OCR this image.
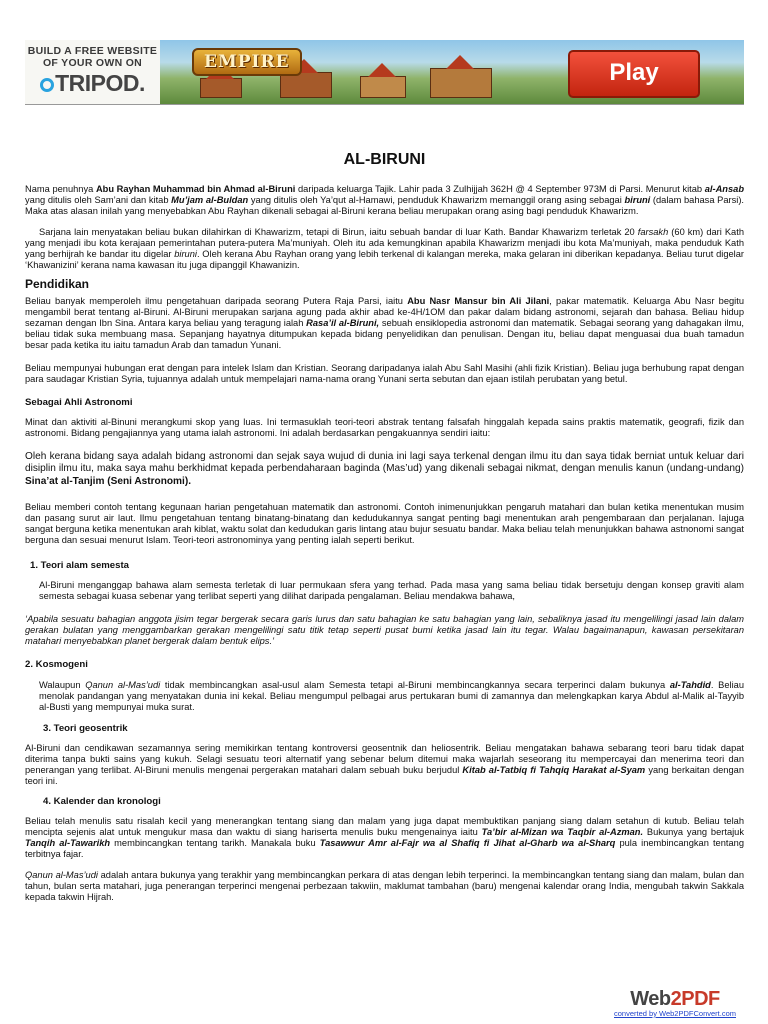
BUILD A FREE WEBSITE
OF YOUR OWN ON
TRIPOD.
EMPIRE	Play
AL-BIRUNI

Nama penuhnya Abu Rayhan Muhammad bin Ahmad al-Biruni daripada keluarga Tajik. Lahir pada 3 Zulhijjah 362H @ 4 September 973M di Parsi. Menurut kitab al-Ansab yang ditulis oleh Sam’ani dan kitab Mu’jam al-Buldan yang ditulis oleh Ya’qut al-Hamawi, penduduk Khawarizm memanggil orang asing sebagai biruni (dalam bahasa Parsi). Maka atas alasan inilah yang menyebabkan Abu Rayhan dikenali sebagai al-Biruni kerana beliau merupakan orang asing bagi penduduk Khawarizm.

Sarjana lain menyatakan beliau bukan dilahirkan di Khawarizm, tetapi di Birun, iaitu sebuah bandar di luar Kath. Bandar Khawarizm terletak 20 farsakh (60 km) dari Kath yang menjadi ibu kota kerajaan pemerintahan putera-putera Ma’muniyah. Oleh itu ada kemungkinan apabila Khawarizm menjadi ibu kota Ma’muniyah, maka penduduk Kath yang berhijrah ke bandar itu digelar biruni. Oleh kerana Abu Rayhan orang yang lebih terkenal di kalangan mereka, maka gelaran ini diberikan kepadanya. Beliau turut digelar ‘Khawanizini’ kerana nama kawasan itu juga dipanggil Khawanizin.

Pendidikan

Beliau banyak memperoleh ilmu pengetahuan daripada seorang Putera Raja Parsi, iaitu Abu Nasr Mansur bin Ali Jilani, pakar matematik. Keluarga Abu Nasr begitu mengambil berat tentang al-Biruni. Al-Biruni merupakan sarjana agung pada akhir abad ke-4H/1OM dan pakar dalam bidang astronomi, sejarah dan bahasa. Beliau hidup sezaman dengan Ibn Sina. Antara karya beliau yang teragung ialah Rasa’il al-Biruni, sebuah ensiklopedia astronomi dan matematik. Sebagai seorang yang dahagakan ilmu, beliau tidak suka membuang masa. Sepanjang hayatnya ditumpukan kepada bidang penyelidikan dan penulisan. Dengan itu, beliau dapat menguasai dua buah tamadun besar pada ketika itu iaitu tamadun Arab dan tamadun Yunani.

Beliau mempunyai hubungan erat dengan para intelek Islam dan Kristian. Seorang daripadanya ialah Abu Sahl Masihi (ahli fizik Kristian). Beliau juga berhubung rapat dengan para saudagar Kristian Syria, tujuannya adalah untuk mempelajari nama-nama orang Yunani serta sebutan dan ejaan istilah perubatan yang betul.

Sebagai Ahli Astronomi

Minat dan aktiviti al-Binuni merangkumi skop yang luas. Ini termasuklah teori-teori abstrak tentang falsafah hinggalah kepada sains praktis matematik, geografi, fizik dan astronomi. Bidang pengajiannya yang utama ialah astronomi. Ini adalah berdasarkan pengakuannya sendiri iaitu:

Oleh kerana bidang saya adalah bidang astronomi dan sejak saya wujud di dunia ini lagi saya terkenal dengan ilmu itu dan saya tidak berniat untuk keluar dari disiplin ilmu itu, maka saya mahu berkhidmat kepada perbendaharaan baginda (Mas’ud) yang dikenali sebagai nikmat, dengan menulis kanun (undang-undang) Sina’at al-Tanjim (Seni Astronomi).

Beliau memberi contoh tentang kegunaan harian pengetahuan matematik dan astronomi. Contoh inimenunjukkan pengaruh matahari dan bulan ketika menentukan musim dan pasang surut air laut. Ilmu pengetahuan tentang binatang-binatang dan kedudukannya sangat penting bagi menentukan arah pengembaraan dan perjalanan. Iajuga sangat berguna ketika menentukan arah kiblat, waktu solat dan kedudukan garis lintang atau bujur sesuatu bandar. Maka beliau telah menunjukkan bahawa astnonomi sangat berguna dan sesuai menurut Islam. Teori-teori astronominya yang penting ialah seperti berikut.

1. Teori alam semesta

Al-Biruni menganggap bahawa alam semesta terletak di luar permukaan sfera yang terhad. Pada masa yang sama beliau tidak bersetuju dengan konsep graviti alam semesta sebagai kuasa sebenar yang terlibat seperti yang dilihat daripada pengalaman. Beliau mendakwa bahawa,

‘Apabila sesuatu bahagian anggota jisim tegar bergerak secara garis lurus dan satu bahagian ke satu bahagian yang lain, sebaliknya jasad itu mengelilingi jasad lain dalam gerakan bulatan yang menggambarkan gerakan mengelilingi satu titik tetap seperti pusat bumi ketika jasad lain itu tegar. Walau bagaimanapun, kawasan persekitaran matahari menyebabkan planet bergerak dalam bentuk elips.’

2. Kosmogeni

Walaupun Qanun al-Mas’udi tidak membincangkan asal-usul alam Semesta tetapi al-Biruni membincangkannya secara terperinci dalam bukunya al-Tahdid. Beliau menolak pandangan yang menyatakan dunia ini kekal. Beliau mengumpul pelbagai arus pertukaran bumi di zamannya dan melengkapkan karya Abdul al-Malik al-Tayyib al-Busti yang mempunyai muka surat.

3. Teori geosentrik

Al-Biruni dan cendikawan sezamannya sering memikirkan tentang kontroversi geosentnik dan heliosentrik. Beliau mengatakan bahawa sebarang teori baru tidak dapat diterima tanpa bukti sains yang kukuh. Selagi sesuatu teori alternatif yang sebenar belum ditemui maka wajarlah seseorang itu mempercayai dan menerima teori dan penerangan yang terlibat. Al-Biruni menulis mengenai pergerakan matahari dalam sebuah buku berjudul Kitab al-Tatbiq fi Tahqiq Harakat al-Syam yang berkaitan dengan teori ini.

4. Kalender dan kronologi

Beliau telah menulis satu risalah kecil yang menerangkan tentang siang dan malam yang juga dapat membuktikan panjang siang dalam setahun di kutub. Beliau telah mencipta sejenis alat untuk mengukur masa dan waktu di siang hariserta menulis buku mengenainya iaitu Ta’bir al-Mizan wa Taqbir al-Azman. Bukunya yang bertajuk Tanqih al-Tawarikh membincangkan tentang tarikh. Manakala buku Tasawwur Amr al-Fajr wa al Shafiq fi Jihat al-Gharb wa al-Sharq pula inembincangkan tentang terbitnya fajar.

Qanun al-Mas’udi adalah antara bukunya yang terakhir yang membincangkan perkara di atas dengan lebih terperinci. Ia membincangkan tentang siang dan malam, bulan dan tahun, bulan serta matahari, juga penerangan terperinci mengenai perbezaan takwiin, maklumat tambahan (baru) mengenai kalendar orang India, mengubah takwin Sakkala kepada takwin Hijrah.

Web2PDF
converted by Web2PDFConvert.com
